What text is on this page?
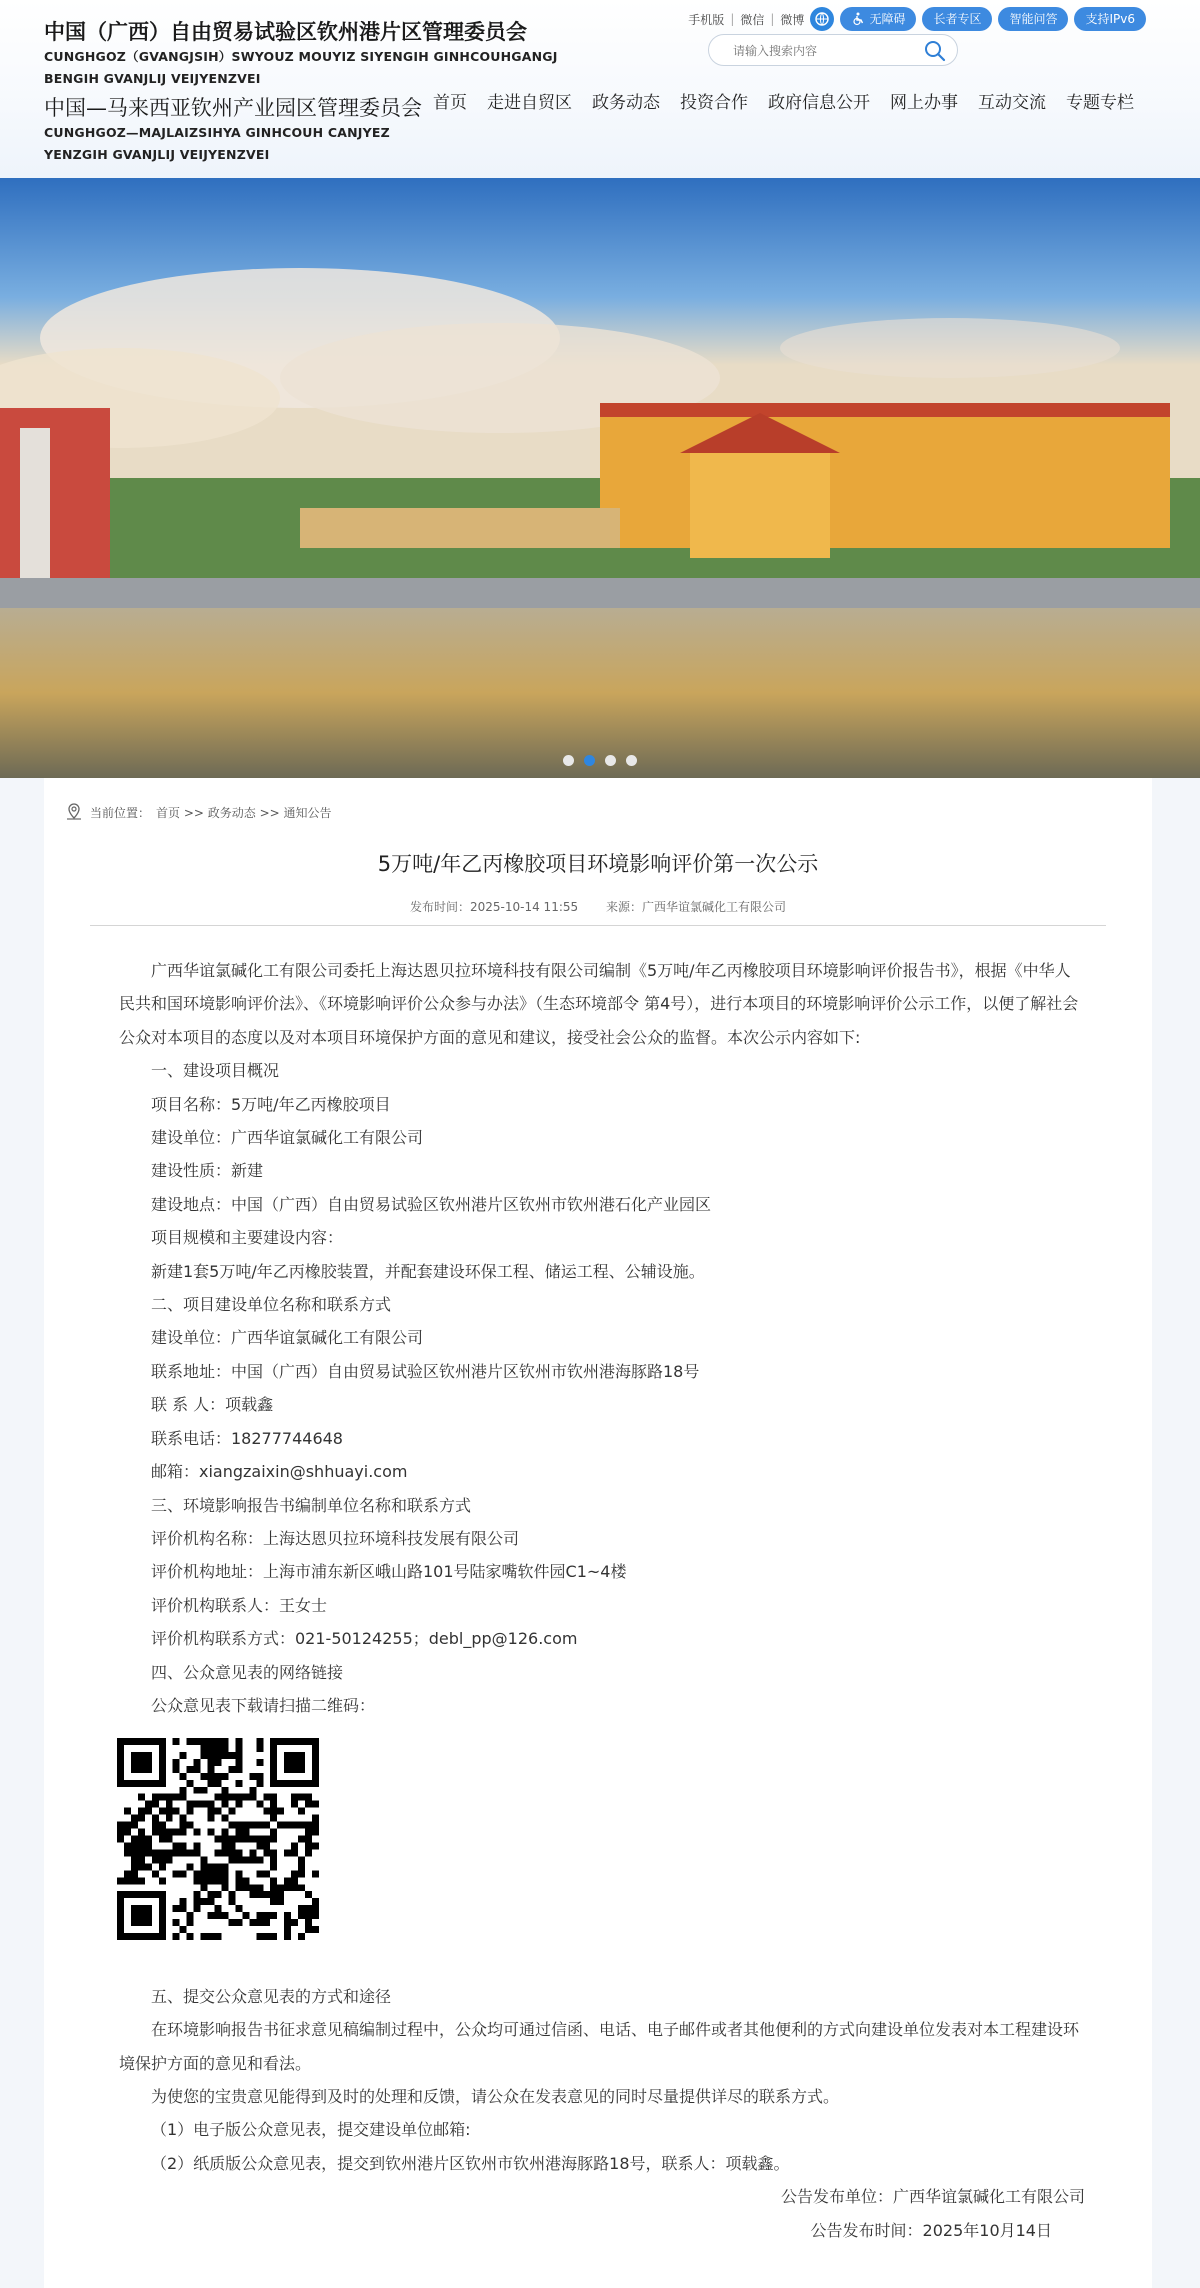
中国（广西）自由贸易试验区钦州港片区管理委员会
CUNGHGOZ（GVANGJSIH）SWYOUZ MOUYIZ SIYENGIH GINHCOUHGANGJ
BENGIH GVANJLIJ VEIJYENZVEI
中国—马来西亚钦州产业园区管理委员会
CUNGHGOZ—MAJLAIZSIHYA GINHCOUH CANJYEZ
YENZGIH GVANJLIJ VEIJYENZVEI
手机版 | 微信 | 微博	无障碍	长者专区	智能问答	支持IPv6
请输入搜索内容
首页	走进自贸区	政务动态	投资合作	政府信息公开	网上办事	互动交流	专题专栏
当前位置： 首页 >> 政务动态 >> 通知公告
5万吨/年乙丙橡胶项目环境影响评价第一次公示
发布时间：2025-10-14 11:55 来源：广西华谊氯碱化工有限公司

广西华谊氯碱化工有限公司委托上海达恩贝拉环境科技有限公司编制《5万吨/年乙丙橡胶项目环境影响评价报告书》，根据《中华人民共和国环境影响评价法》、《环境影响评价公众参与办法》（生态环境部令 第4号），进行本项目的环境影响评价公示工作，以便了解社会公众对本项目的态度以及对本项目环境保护方面的意见和建议，接受社会公众的监督。本次公示内容如下:

一、建设项目概况
项目名称：5万吨/年乙丙橡胶项目
建设单位：广西华谊氯碱化工有限公司
建设性质：新建
建设地点：中国（广西）自由贸易试验区钦州港片区钦州市钦州港石化产业园区
项目规模和主要建设内容：
新建1套5万吨/年乙丙橡胶装置，并配套建设环保工程、储运工程、公辅设施。
二、项目建设单位名称和联系方式
建设单位：广西华谊氯碱化工有限公司
联系地址：中国（广西）自由贸易试验区钦州港片区钦州市钦州港海豚路18号
联 系 人：项载鑫
联系电话：18277744648
邮箱：xiangzaixin@shhuayi.com
三、环境影响报告书编制单位名称和联系方式
评价机构名称：上海达恩贝拉环境科技发展有限公司
评价机构地址：上海市浦东新区峨山路101号陆家嘴软件园C1~4楼
评价机构联系人：王女士
评价机构联系方式：021-50124255；debl_pp@126.com
四、公众意见表的网络链接
公众意见表下载请扫描二维码：
五、提交公众意见表的方式和途径

在环境影响报告书征求意见稿编制过程中，公众均可通过信函、电话、电子邮件或者其他便利的方式向建设单位发表对本工程建设环境保护方面的意见和看法。

为使您的宝贵意见能得到及时的处理和反馈，请公众在发表意见的同时尽量提供详尽的联系方式。

（1）电子版公众意见表，提交建设单位邮箱:
（2）纸质版公众意见表，提交到钦州港片区钦州市钦州港海豚路18号，联系人：项载鑫。
公告发布单位：广西华谊氯碱化工有限公司
公告发布时间：2025年10月14日
